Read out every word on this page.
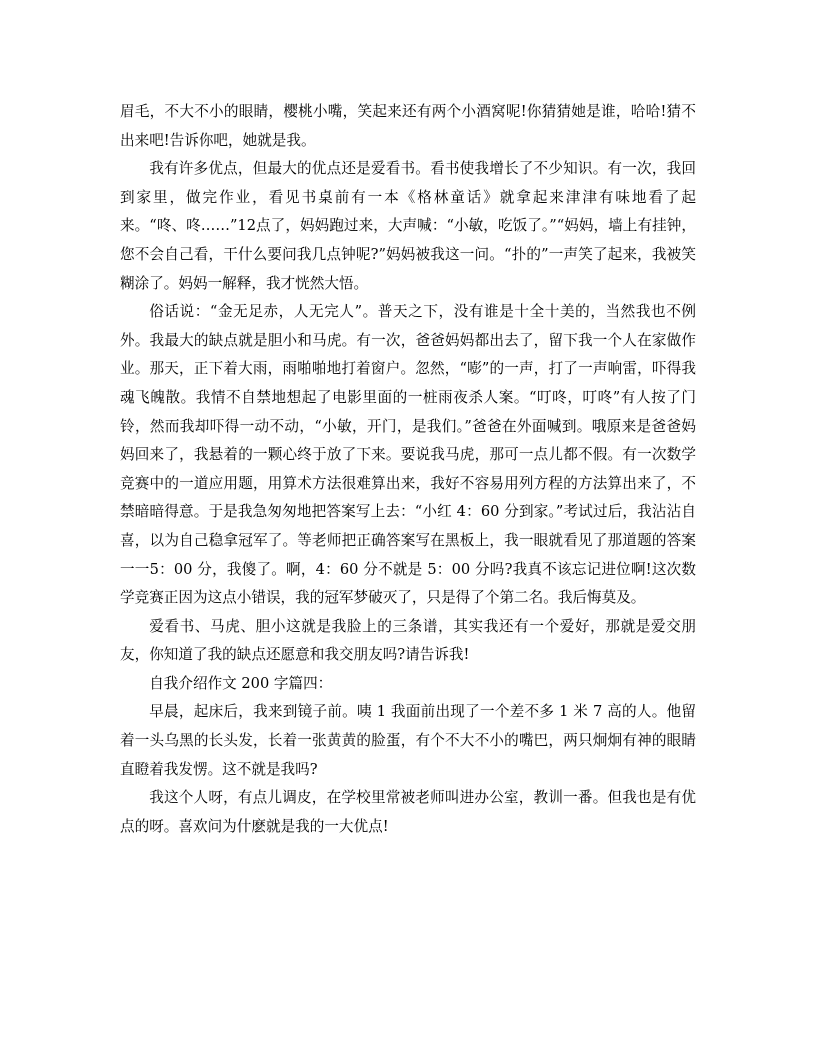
眉毛，不大不小的眼睛，樱桃小嘴，笑起来还有两个小酒窝呢!你猜猜她是谁，哈哈!猜不出来吧!告诉你吧，她就是我。

我有许多优点，但最大的优点还是爱看书。看书使我增长了不少知识。有一次，我回到家里，做完作业，看见书桌前有一本《格林童话》就拿起来津津有味地看了起来。“咚、咚……”12点了，妈妈跑过来，大声喊：“小敏，吃饭了。”“妈妈，墙上有挂钟，您不会自己看，干什么要问我几点钟呢?”妈妈被我这一问。“扑的”一声笑了起来，我被笑糊涂了。妈妈一解释，我才恍然大悟。

俗话说：“金无足赤，人无完人”。普天之下，没有谁是十全十美的，当然我也不例外。我最大的缺点就是胆小和马虎。有一次，爸爸妈妈都出去了，留下我一个人在家做作业。那天，正下着大雨，雨啪啪地打着窗户。忽然，“嘭”的一声，打了一声响雷，吓得我魂飞魄散。我情不自禁地想起了电影里面的一桩雨夜杀人案。“叮咚，叮咚”有人按了门铃，然而我却吓得一动不动，“小敏，开门，是我们。”爸爸在外面喊到。哦原来是爸爸妈妈回来了，我悬着的一颗心终于放了下来。要说我马虎，那可一点儿都不假。有一次数学竞赛中的一道应用题，用算术方法很难算出来，我好不容易用列方程的方法算出来了，不禁暗暗得意。于是我急匆匆地把答案写上去：“小红 4：60 分到家。”考试过后，我沾沾自喜，以为自己稳拿冠军了。等老师把正确答案写在黑板上，我一眼就看见了那道题的答案一一5：00 分，我傻了。啊，4：60 分不就是 5：00 分吗?我真不该忘记进位啊!这次数学竞赛正因为这点小错误，我的冠军梦破灭了，只是得了个第二名。我后悔莫及。

爱看书、马虎、胆小这就是我脸上的三条谱，其实我还有一个爱好，那就是爱交朋友，你知道了我的缺点还愿意和我交朋友吗?请告诉我!

自我介绍作文 200 字篇四：

早晨，起床后，我来到镜子前。咦 1 我面前出现了一个差不多 1 米 7 高的人。他留着一头乌黑的长头发，长着一张黄黄的脸蛋，有个不大不小的嘴巴，两只炯炯有神的眼睛直瞪着我发愣。这不就是我吗?

我这个人呀，有点儿调皮，在学校里常被老师叫进办公室，教训一番。但我也是有优点的呀。喜欢问为什麽就是我的一大优点!
